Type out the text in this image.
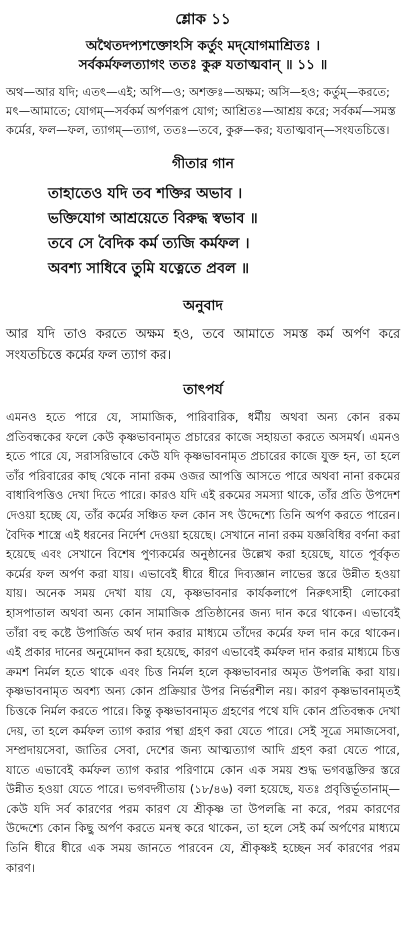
শ্লোক ১১
অথৈতদপ্যশক্তোঽসি কর্তুং মদ্‌যোগমাশ্রিতঃ ।
সর্বকর্মফলত্যাগং ততঃ কুরু যতাত্মবান্‌ ॥ ১১ ॥
অথ—আর যদি; এতৎ—এই; অপি—ও; অশক্তঃ—অক্ষম; অসি—হও; কর্তুম্—করতে; মৎ—আমাতে; যোগম্—সর্বকর্ম অর্পণরূপ যোগ; আশ্রিতঃ—আশ্রয় করে; সর্বকর্ম—সমস্ত কর্মের, ফল—ফল, ত্যাগম্—ত্যাগ, ততঃ—তবে, কুরু—কর; যতাত্মবান্—সংযতচিত্তে।
গীতার গান
তাহাতেও যদি তব শক্তির অভাব ।
ভক্তিযোগ আশ্রয়েতে বিরুদ্ধ স্বভাব ॥
তবে সে বৈদিক কর্ম ত্যজি কর্মফল ।
অবশ্য সাধিবে তুমি যত্নেতে প্রবল ॥
অনুবাদ
আর যদি তাও করতে অক্ষম হও, তবে আমাতে সমস্ত কর্ম অর্পণ করে সংযতচিত্তে কর্মের ফল ত্যাগ কর।
তাৎপর্য
এমনও হতে পারে যে, সামাজিক, পারিবারিক, ধর্মীয় অথবা অন্য কোন রকম প্রতিবন্ধকের ফলে কেউ কৃষ্ণভাবনামৃত প্রচারের কাজে সহায়তা করতে অসমর্থ। এমনও হতে পারে যে, সরাসরিভাবে কেউ যদি কৃষ্ণভাবনামৃত প্রচারের কাজে যুক্ত হন, তা হলে তাঁর পরিবারের কাছ থেকে নানা রকম ওজর আপত্তি আসতে পারে অথবা নানা রকমের বাধাবিপত্তিও দেখা দিতে পারে। কারও যদি এই রকমের সমস্যা থাকে, তাঁর প্রতি উপদেশ দেওয়া হচ্ছে যে, তাঁর কর্মের সঞ্চিত ফল কোন সৎ উদ্দেশ্যে তিনি অর্পণ করতে পারেন। বৈদিক শাস্ত্রে এই ধরনের নির্দেশ দেওয়া হয়েছে। সেখানে নানা রকম যজ্ঞবিধির বর্ণনা করা হয়েছে এবং সেখানে বিশেষ পুণ্যকর্মের অনুষ্ঠানের উল্লেখ করা হয়েছে, যাতে পূর্বকৃত কর্মের ফল অর্পণ করা যায়। এভাবেই ধীরে ধীরে দিব্যজ্ঞান লাভের স্তরে উন্নীত হওয়া যায়। অনেক সময় দেখা যায় যে, কৃষ্ণভাবনার কার্যকলাপে নিরুৎসাহী লোকেরা হাসপাতাল অথবা অন্য কোন সামাজিক প্রতিষ্ঠানের জন্য দান করে থাকেন। এভাবেই তাঁরা বহু কষ্টে উপার্জিত অর্থ দান করার মাধ্যমে তাঁদের কর্মের ফল দান করে থাকেন। এই প্রকার দানের অনুমোদন করা হয়েছে, কারণ এভাবেই কর্মফল দান করার মাধ্যমে চিত্ত ক্রমশ নির্মল হতে থাকে এবং চিত্ত নির্মল হলে কৃষ্ণভাবনার অমৃত উপলব্ধি করা যায়। কৃষ্ণভাবনামৃত অবশ্য অন্য কোন প্রক্রিয়ার উপর নির্ভরশীল নয়। কারণ কৃষ্ণভাবনামৃতই চিত্তকে নির্মল করতে পারে। কিন্তু কৃষ্ণভাবনামৃত গ্রহণের পথে যদি কোন প্রতিবন্ধক দেখা দেয়, তা হলে কর্মফল ত্যাগ করার পন্থা গ্রহণ করা যেতে পারে। সেই সূত্রে সমাজসেবা, সম্প্রদায়সেবা, জাতির সেবা, দেশের জন্য আত্মত্যাগ আদি গ্রহণ করা যেতে পারে, যাতে এভাবেই কর্মফল ত্যাগ করার পরিণামে কোন এক সময় শুদ্ধ ভগবদ্ভক্তির স্তরে উন্নীত হওয়া যেতে পারে। ভগবদ্গীতায় (১৮/৪৬) বলা হয়েছে, যতঃ প্রবৃত্তির্ভূতানাম্—কেউ যদি সর্ব কারণের পরম কারণ যে শ্রীকৃষ্ণ তা উপলব্ধি না করে, পরম কারণের উদ্দেশ্যে কোন কিছু অর্পণ করতে মনস্থ করে থাকেন, তা হলে সেই কর্ম অর্পণের মাধ্যমে তিনি ধীরে ধীরে এক সময় জানতে পারবেন যে, শ্রীকৃষ্ণই হচ্ছেন সর্ব কারণের পরম কারণ।
